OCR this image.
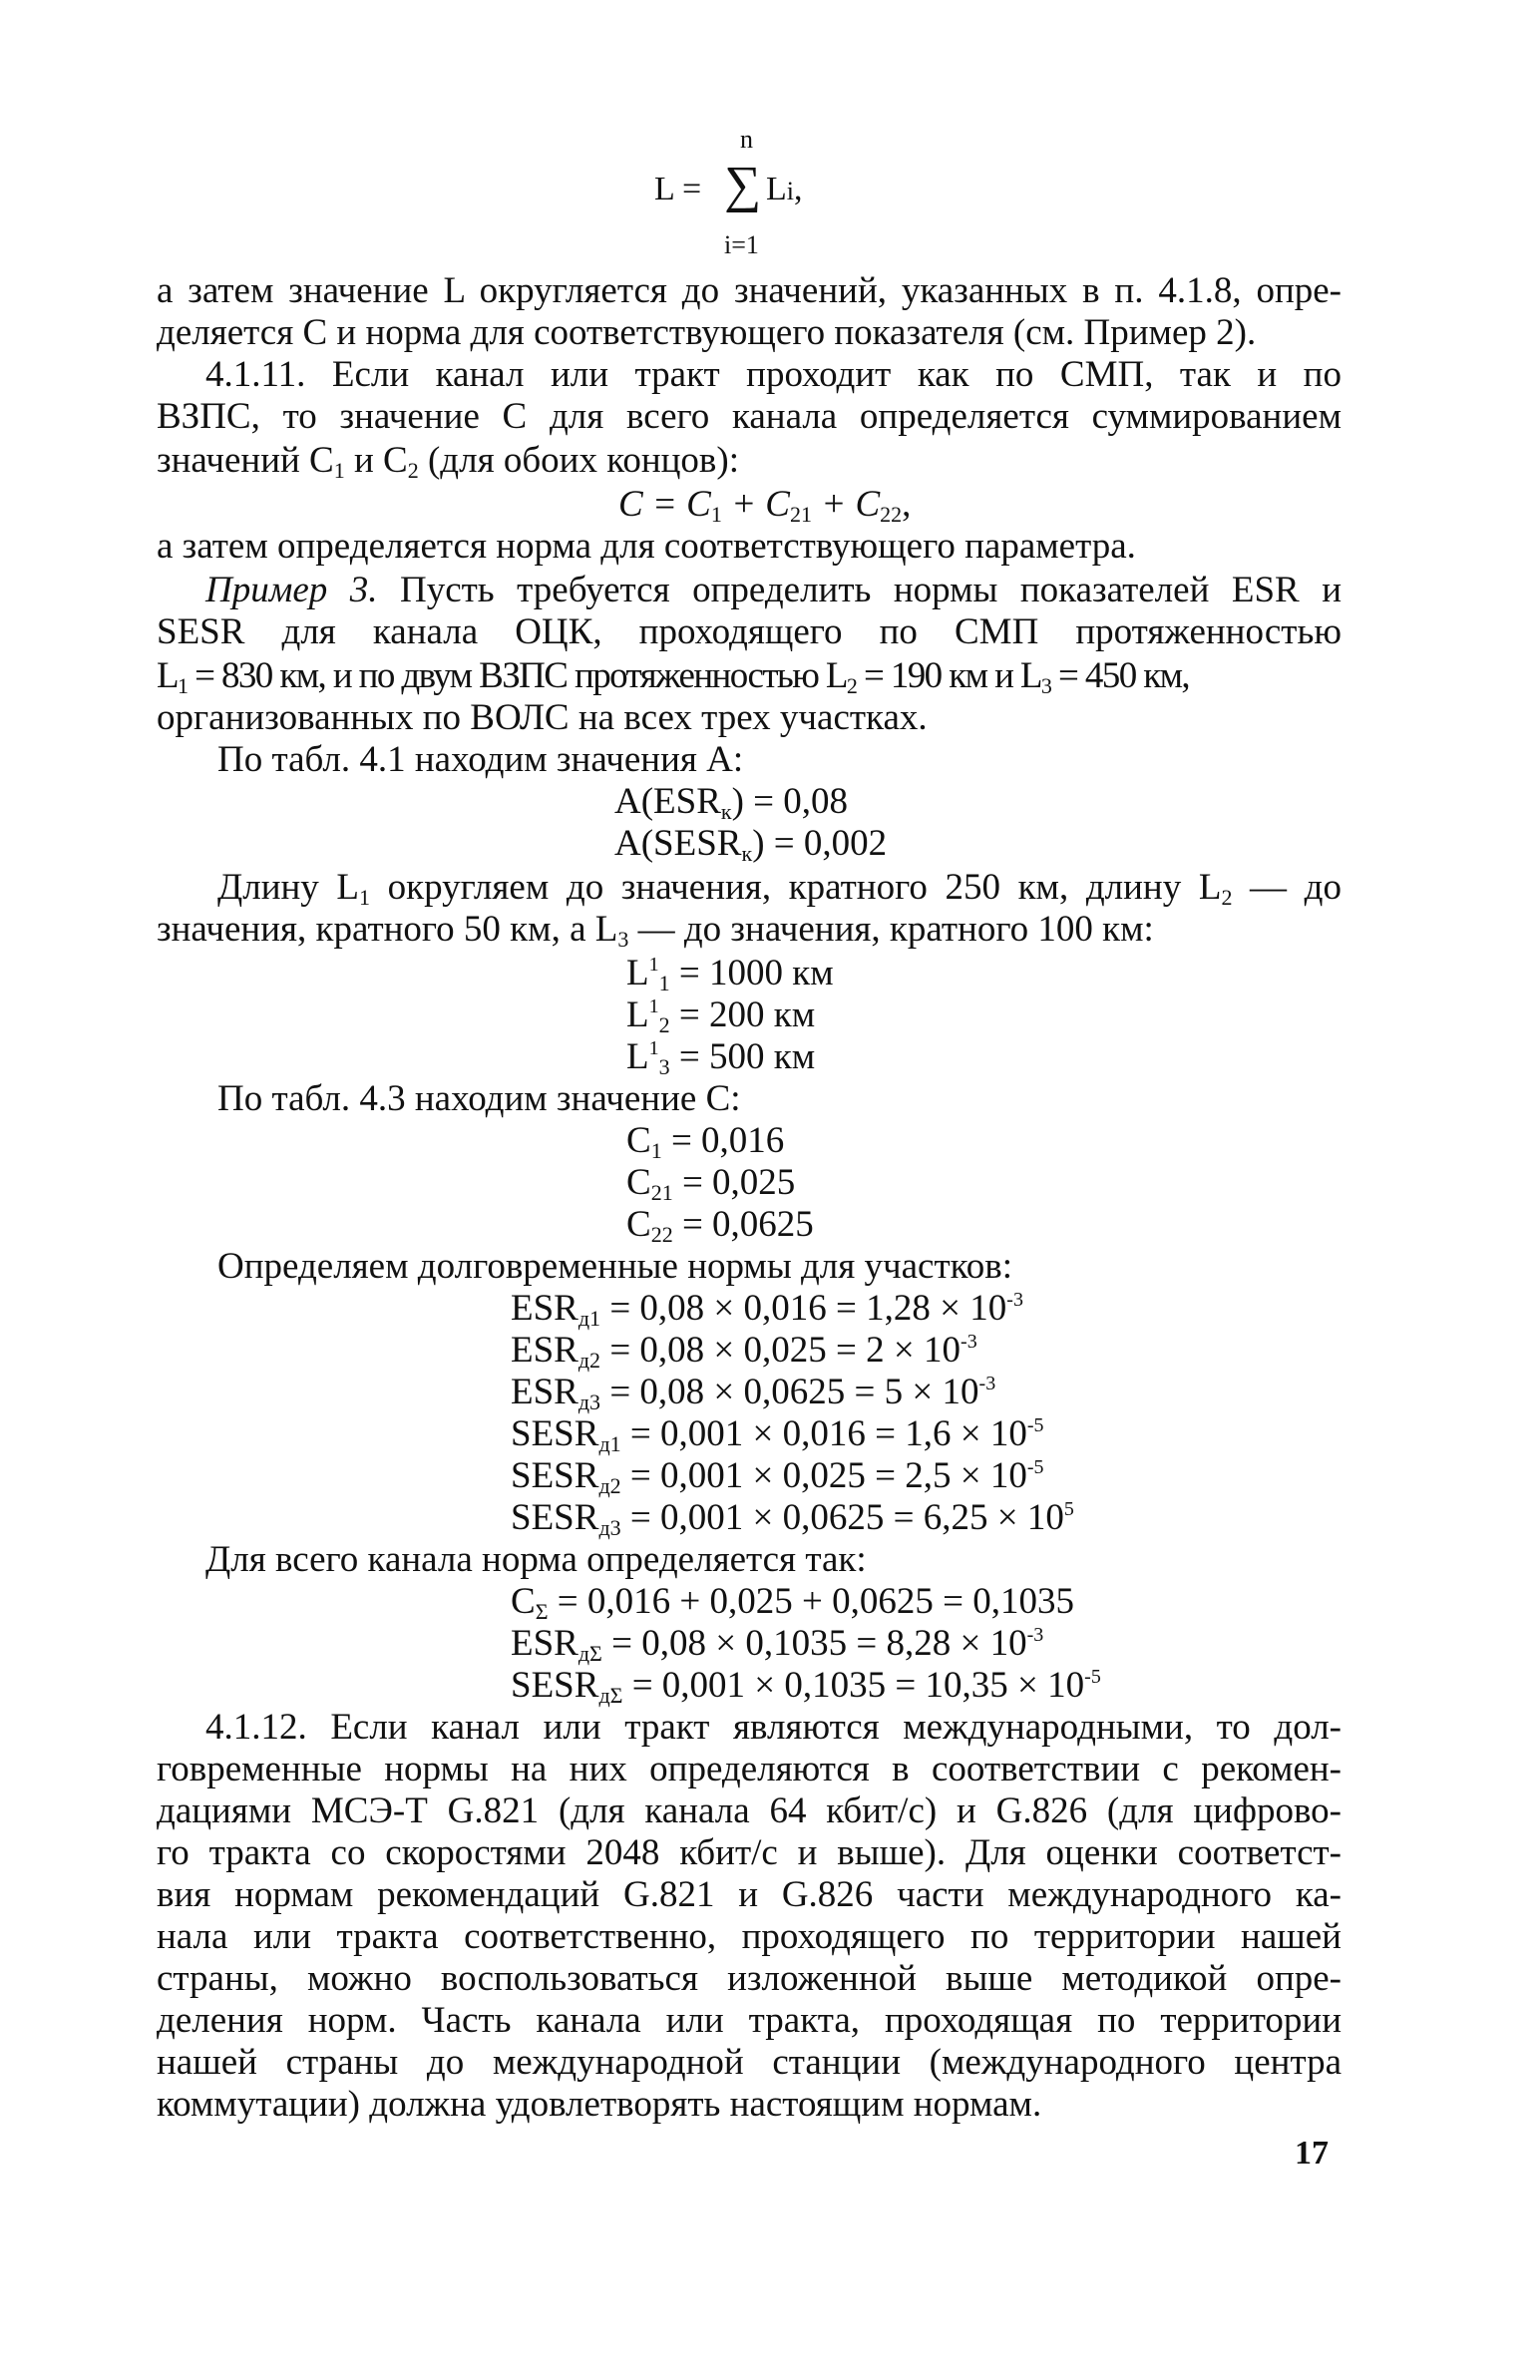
n
L = ∑ Li,
i=1
а затем значение L округляется до значений, указанных в п. 4.1.8, опре-
деляется C и норма для соответствующего показателя (см. Пример 2).
4.1.11. Если канал или тракт проходит как по СМП, так и по
ВЗПС, то значение C для всего канала определяется суммированием
значений $C_1$ и $C_2$ (для обоих концов):
$C = C_1 + C_{21} + C_{22}$,
а затем определяется норма для соответствующего параметра.
Пример 3. Пусть требуется определить нормы показателей ESR и
SESR для канала ОЦК, проходящего по СМП протяженностью
$L_1 = 830$ км, и по двум ВЗПС протяженностью $L_2 = 190$ км и $L_3 = 450$ км,
организованных по ВОЛС на всех трех участках.
По табл. 4.1 находим значения A:
$A(ESR_к) = 0,08$
$A(SESR_к) = 0,002$
Длину $L_1$ округляем до значения, кратного 250 км, длину $L_2$ — до
значения, кратного 50 км, а $L_3$ — до значения, кратного 100 км:
$L^1_1 = 1000$ км
$L^1_2 = 200$ км
$L^1_3 = 500$ км
По табл. 4.3 находим значение C:
$C_1 = 0,016$
$C_{21} = 0,025$
$C_{22} = 0,0625$
Определяем долговременные нормы для участков:
$ESR_{д1} = 0,08 \times 0,016 = 1,28 \times 10^{-3}$
$ESR_{д2} = 0,08 \times 0,025 = 2 \times 10^{-3}$
$ESR_{д3} = 0,08 \times 0,0625 = 5 \times 10^{-3}$
$SESR_{д1} = 0,001 \times 0,016 = 1,6 \times 10^{-5}$
$SESR_{д2} = 0,001 \times 0,025 = 2,5 \times 10^{-5}$
$SESR_{д3} = 0,001 \times 0,0625 = 6,25 \times 10^5$
Для всего канала норма определяется так:
$C_\Sigma = 0,016 + 0,025 + 0,0625 = 0,1035$
$ESR_{д\Sigma} = 0,08 \times 0,1035 = 8,28 \times 10^{-3}$
$SESR_{д\Sigma} = 0,001 \times 0,1035 = 10,35 \times 10^{-5}$
4.1.12. Если канал или тракт являются международными, то дол-
говременные нормы на них определяются в соответствии с рекомен-
дациями МСЭ-Т G.821 (для канала 64 кбит/с) и G.826 (для цифрово-
го тракта со скоростями 2048 кбит/с и выше). Для оценки соответст-
вия нормам рекомендаций G.821 и G.826 части международного ка-
нала или тракта соответственно, проходящего по территории нашей
страны, можно воспользоваться изложенной выше методикой опре-
деления норм. Часть канала или тракта, проходящая по территории
нашей страны до международной станции (международного центра
коммутации) должна удовлетворять настоящим нормам.
17
